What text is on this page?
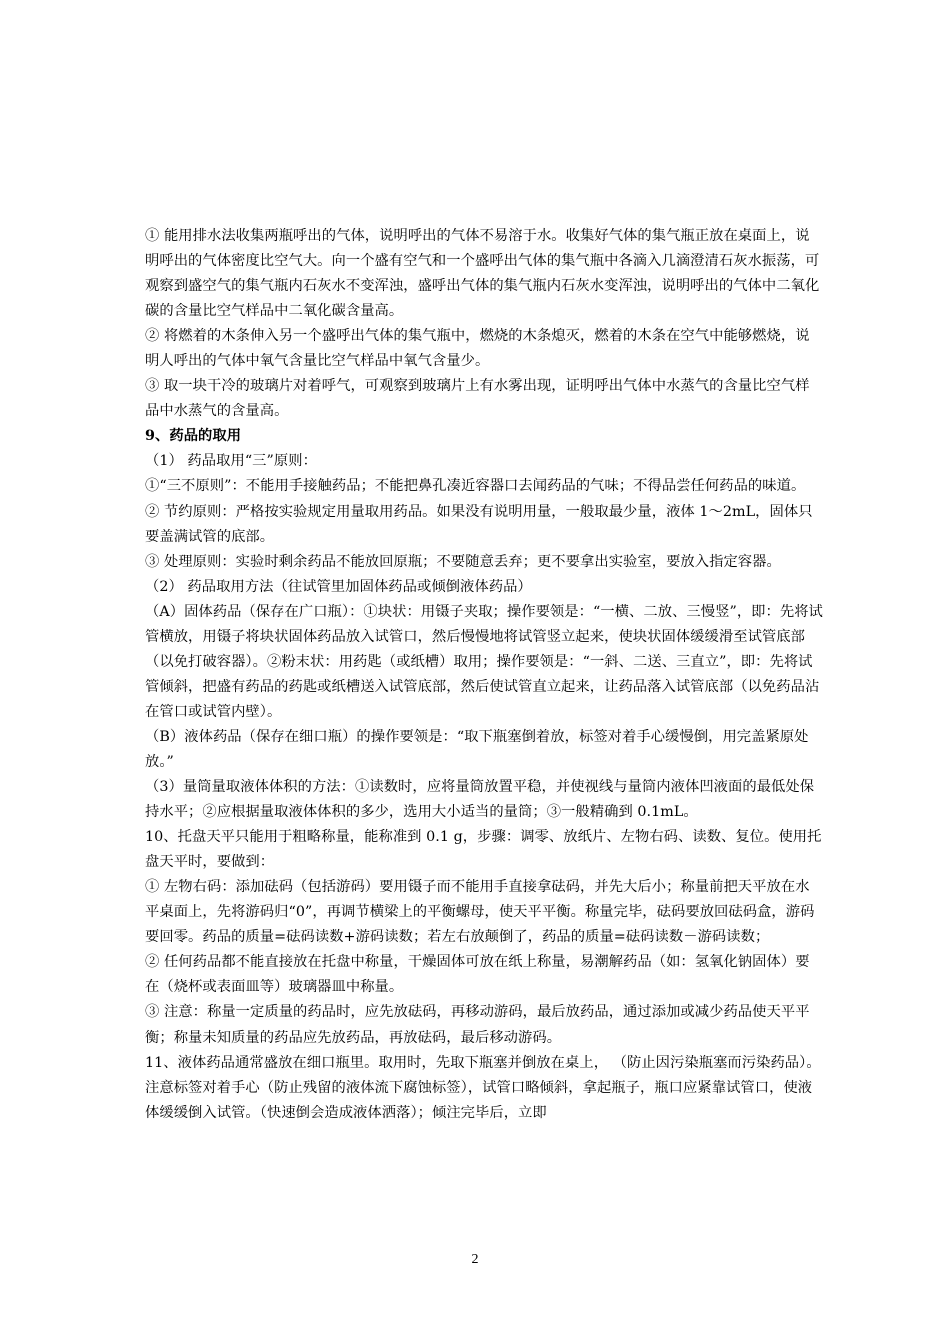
① 能用排水法收集两瓶呼出的气体，说明呼出的气体不易溶于水。收集好气体的集气瓶正放在桌面上，说明呼出的气体密度比空气大。向一个盛有空气和一个盛呼出气体的集气瓶中各滴入几滴澄清石灰水振荡，可观察到盛空气的集气瓶内石灰水不变浑浊，盛呼出气体的集气瓶内石灰水变浑浊，说明呼出的气体中二氧化碳的含量比空气样品中二氧化碳含量高。

② 将燃着的木条伸入另一个盛呼出气体的集气瓶中，燃烧的木条熄灭，燃着的木条在空气中能够燃烧，说明人呼出的气体中氧气含量比空气样品中氧气含量少。

③ 取一块干冷的玻璃片对着呼气，可观察到玻璃片上有水雾出现，证明呼出气体中水蒸气的含量比空气样品中水蒸气的含量高。

9、药品的取用

（1） 药品取用“三”原则：

①“三不原则”：不能用手接触药品；不能把鼻孔凑近容器口去闻药品的气味；不得品尝任何药品的味道。

② 节约原则：严格按实验规定用量取用药品。如果没有说明用量，一般取最少量，液体 1～2mL，固体只要盖满试管的底部。

③ 处理原则：实验时剩余药品不能放回原瓶；不要随意丢弃；更不要拿出实验室，要放入指定容器。

（2） 药品取用方法（往试管里加固体药品或倾倒液体药品）

（A）固体药品（保存在广口瓶）：①块状：用镊子夹取；操作要领是：“一横、二放、三慢竖”，即：先将试管横放，用镊子将块状固体药品放入试管口，然后慢慢地将试管竖立起来，使块状固体缓缓滑至试管底部（以免打破容器）。②粉末状：用药匙（或纸槽）取用；操作要领是：“一斜、二送、三直立”，即：先将试管倾斜，把盛有药品的药匙或纸槽送入试管底部，然后使试管直立起来，让药品落入试管底部（以免药品沾在管口或试管内壁）。

（B）液体药品（保存在细口瓶）的操作要领是：“取下瓶塞倒着放，标签对着手心缓慢倒，用完盖紧原处放。”

（3）量筒量取液体体积的方法：①读数时，应将量筒放置平稳，并使视线与量筒内液体凹液面的最低处保持水平；②应根据量取液体体积的多少，选用大小适当的量筒；③一般精确到 0.1mL。

10、托盘天平只能用于粗略称量，能称准到 0.1 g，步骤：调零、放纸片、左物右码、读数、复位。使用托盘天平时，要做到：

① 左物右码：添加砝码（包括游码）要用镊子而不能用手直接拿砝码，并先大后小；称量前把天平放在水平桌面上，先将游码归“0”，再调节横梁上的平衡螺母，使天平平衡。称量完毕，砝码要放回砝码盒，游码要回零。药品的质量=砝码读数+游码读数；若左右放颠倒了，药品的质量=砝码读数－游码读数；

② 任何药品都不能直接放在托盘中称量，干燥固体可放在纸上称量，易潮解药品（如：氢氧化钠固体）要在（烧杯或表面皿等）玻璃器皿中称量。

③ 注意：称量一定质量的药品时，应先放砝码，再移动游码，最后放药品，通过添加或减少药品使天平平衡；称量未知质量的药品应先放药品，再放砝码，最后移动游码。

11、液体药品通常盛放在细口瓶里。取用时，先取下瓶塞并倒放在桌上， （防止因污染瓶塞而污染药品）。注意标签对着手心（防止残留的液体流下腐蚀标签），试管口略倾斜，拿起瓶子，瓶口应紧靠试管口，使液体缓缓倒入试管。（快速倒会造成液体洒落）；倾注完毕后，立即

2
